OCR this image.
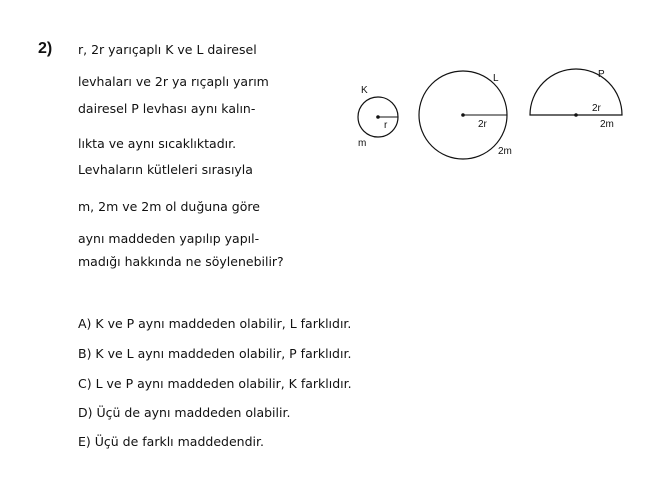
2) r, 2r yarıçaplı K ve L dairesel
levhaları ve 2r ya rıçaplı yarım
dairesel P levhası aynı kalın-
lıkta ve aynı sıcaklıktadır.
Levhaların kütleleri sırasıyla
m, 2m ve 2m ol duğuna göre
aynı maddeden yapılıp yapıl-
madığı hakkında ne söylenebilir?
K
r
m
L
2r
2m
P
2r
2m
A) K ve P aynı maddeden olabilir, L farklıdır.
B) K ve L aynı maddeden olabilir, P farklıdır.
C) L ve P aynı maddeden olabilir, K farklıdır.
D) Üçü de aynı maddeden olabilir.
E) Üçü de farklı maddedendir.
